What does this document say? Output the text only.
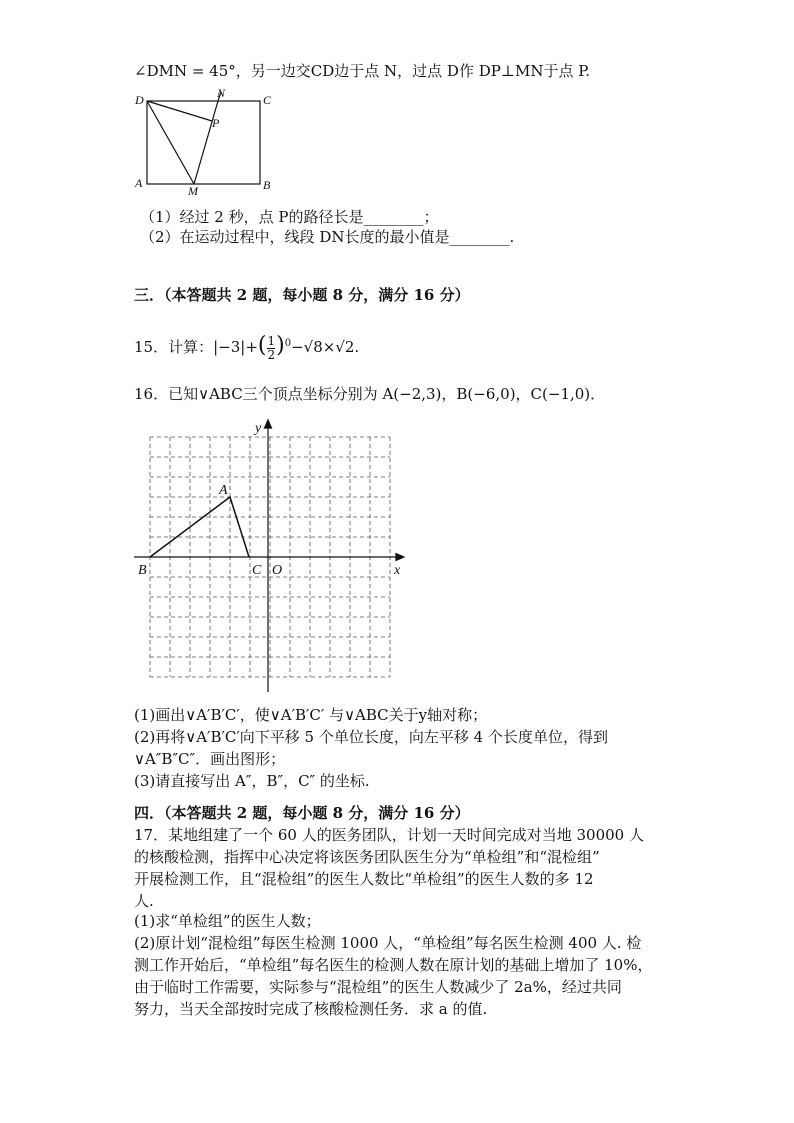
∠DMN = 45°，另一边交CD边于点 N，过点 D作 DP⊥MN于点 P.
D	N	C
P
A
M	B
（1）经过 2 秒，点 P的路径长是________；
（2）在运动过程中，线段 DN长度的最小值是________.
三．（本答题共 2 题，每小题 8 分，满分 16 分）
15．计算：$|-3|+( \frac{1}{2} )^0-√8\times√2$.
16．已知∨ABC三个顶点坐标分别为 A(−2,3)，B(−6,0)，C(−1,0)．
A
B	C O	x
y
(1)画出∨A′B′C′，使∨A′B′C′ 与∨ABC关于y轴对称；
(2)再将∨A′B′C′向下平移 5 个单位长度，向左平移 4 个长度单位，得到
∨A″B″C″．画出图形；
(3)请直接写出 A″，B″，C″ 的坐标.
四．（本答题共 2 题，每小题 8 分，满分 16 分）
17．某地组建了一个 60 人的医务团队，计划一天时间完成对当地 30000 人
的核酸检测，指挥中心决定将该医务团队医生分为“单检组”和“混检组”
开展检测工作，且“混检组”的医生人数比“单检组”的医生人数的多 12
人.
(1)求“单检组”的医生人数；
(2)原计划“混检组”每医生检测 1000 人，“单检组”每名医生检测 400 人. 检
测工作开始后，“单检组”每名医生的检测人数在原计划的基础上增加了 10%，
由于临时工作需要，实际参与“混检组”的医生人数减少了 2a%，经过共同
努力，当天全部按时完成了核酸检测任务．求 a 的值.
